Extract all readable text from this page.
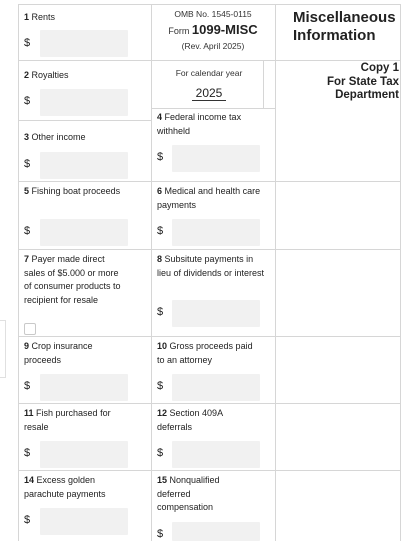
OMB No. 1545-0115
Form 1099-MISC
(Rev. April 2025)
Miscellaneous Information
For calendar year
2025
Copy 1
For State Tax Department
1 Rents
$
2 Royalties
$
3 Other income
$
4 Federal income tax withheld
$
5 Fishing boat proceeds
$
6 Medical and health care payments
$
7 Payer made direct sales of $5.000 or more of consumer products to recipient for resale
8 Subsitute payments in lieu of dividends or interest
$
9 Crop insurance proceeds
$
10 Gross proceeds paid to an attorney
$
11 Fish purchased for resale
$
12 Section 409A deferrals
$
14 Excess golden parachute payments
$
15 Nonqualified deferred compensation
$
